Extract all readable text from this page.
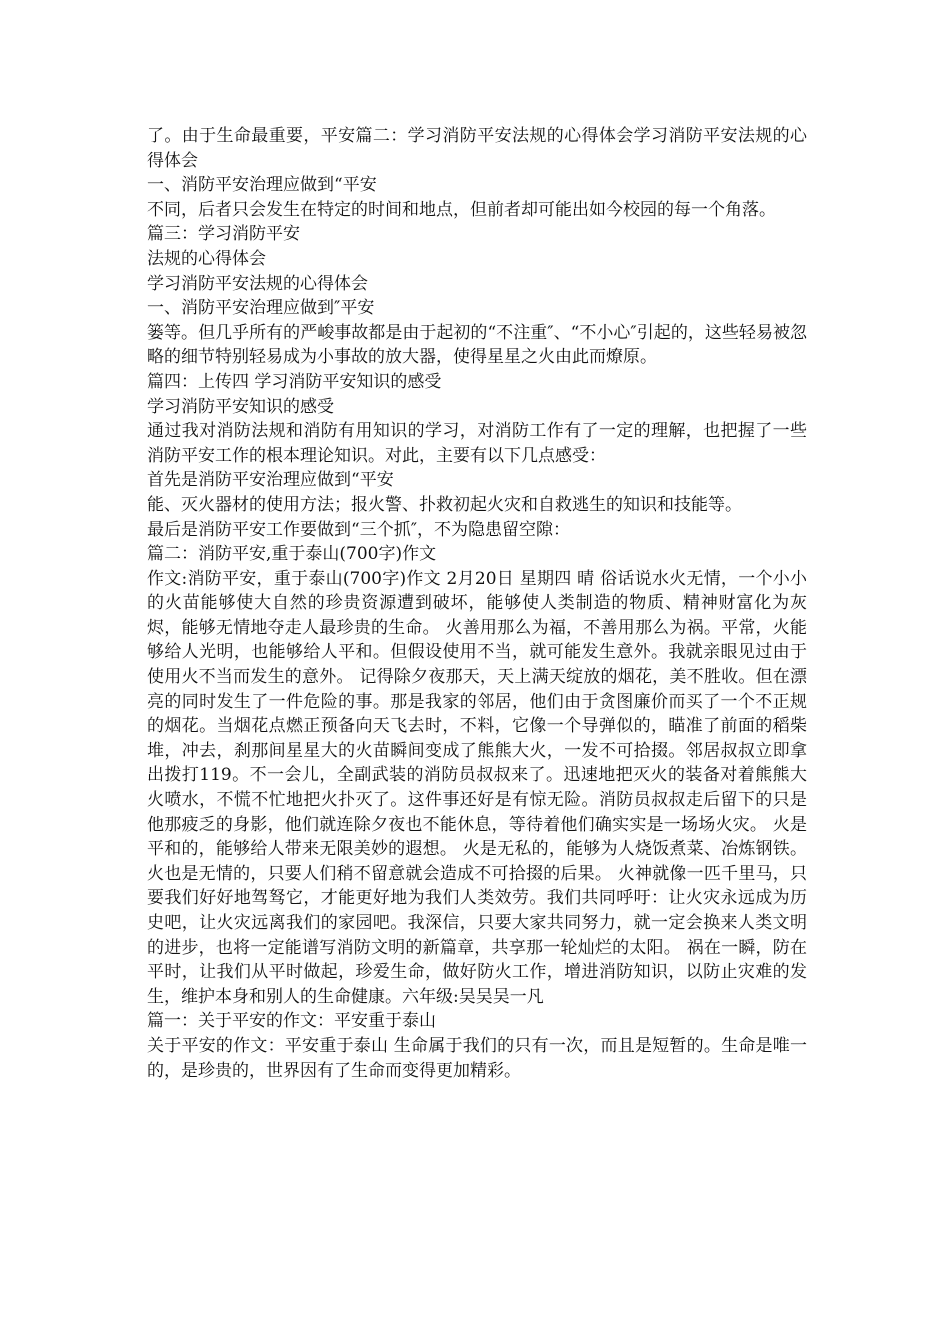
了。由于生命最重要，平安篇二：学习消防平安法规的心得体会学习消防平安法规的心得体会

一、消防平安治理应做到“平安

不同，后者只会发生在特定的时间和地点，但前者却可能出如今校园的每一个角落。

篇三：学习消防平安

法规的心得体会

学习消防平安法规的心得体会

一、消防平安治理应做到″平安

篓等。但几乎所有的严峻事故都是由于起初的“不注重″、“不小心″引起的，这些轻易被忽略的细节特别轻易成为小事故的放大器，使得星星之火由此而燎原。

篇四：上传四 学习消防平安知识的感受

学习消防平安知识的感受

通过我对消防法规和消防有用知识的学习，对消防工作有了一定的理解，也把握了一些消防平安工作的根本理论知识。对此，主要有以下几点感受：

首先是消防平安治理应做到“平安

能、灭火器材的使用方法；报火警、扑救初起火灾和自救逃生的知识和技能等。

最后是消防平安工作要做到“三个抓″，不为隐患留空隙：

篇二：消防平安,重于泰山(700字)作文

作文:消防平安，重于泰山(700字)作文 2月20日 星期四 晴 俗话说水火无情，一个小小的火苗能够使大自然的珍贵资源遭到破坏，能够使人类制造的物质、精神财富化为灰烬，能够无情地夺走人最珍贵的生命。 火善用那么为福，不善用那么为祸。平常，火能够给人光明，也能够给人平和。但假设使用不当，就可能发生意外。我就亲眼见过由于使用火不当而发生的意外。 记得除夕夜那天，天上满天绽放的烟花，美不胜收。但在漂亮的同时发生了一件危险的事。那是我家的邻居，他们由于贪图廉价而买了一个不正规的烟花。当烟花点燃正预备向天飞去时，不料，它像一个导弹似的，瞄准了前面的稻柴堆，冲去，刹那间星星大的火苗瞬间变成了熊熊大火，一发不可拾掇。邻居叔叔立即拿出拨打119。不一会儿，全副武装的消防员叔叔来了。迅速地把灭火的装备对着熊熊大火喷水，不慌不忙地把火扑灭了。这件事还好是有惊无险。消防员叔叔走后留下的只是他那疲乏的身影，他们就连除夕夜也不能休息，等待着他们确实实是一场场火灾。 火是平和的，能够给人带来无限美妙的遐想。 火是无私的，能够为人烧饭煮菜、冶炼钢铁。 火也是无情的，只要人们稍不留意就会造成不可拾掇的后果。 火神就像一匹千里马，只要我们好好地驾驽它，才能更好地为我们人类效劳。我们共同呼吁：让火灾永远成为历史吧，让火灾远离我们的家园吧。我深信，只要大家共同努力，就一定会换来人类文明的进步，也将一定能谱写消防文明的新篇章，共享那一轮灿烂的太阳。 祸在一瞬，防在平时，让我们从平时做起，珍爱生命，做好防火工作，增进消防知识，以防止灾难的发生，维护本身和别人的生命健康。六年级:吴吴吴一凡

篇一：关于平安的作文：平安重于泰山

关于平安的作文：平安重于泰山 生命属于我们的只有一次，而且是短暂的。生命是唯一的，是珍贵的，世界因有了生命而变得更加精彩。
